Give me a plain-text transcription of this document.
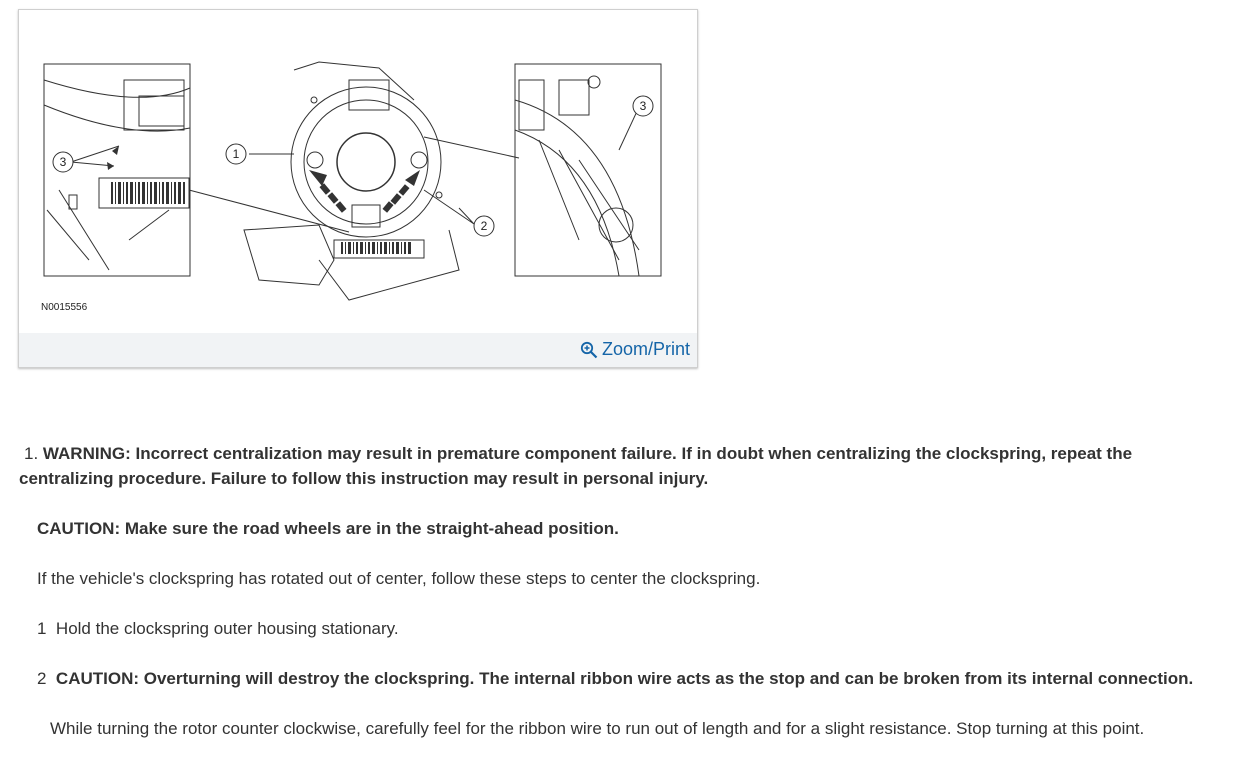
1
2
3
3
N0015556
Zoom/Print
1. WARNING: Incorrect centralization may result in premature component failure. If in doubt when centralizing the clockspring, repeat the centralizing procedure. Failure to follow this instruction may result in personal injury.
CAUTION: Make sure the road wheels are in the straight-ahead position.
If the vehicle's clockspring has rotated out of center, follow these steps to center the clockspring.
1 Hold the clockspring outer housing stationary.
2 CAUTION: Overturning will destroy the clockspring. The internal ribbon wire acts as the stop and can be broken from its internal connection.
While turning the rotor counter clockwise, carefully feel for the ribbon wire to run out of length and for a slight resistance. Stop turning at this point.
